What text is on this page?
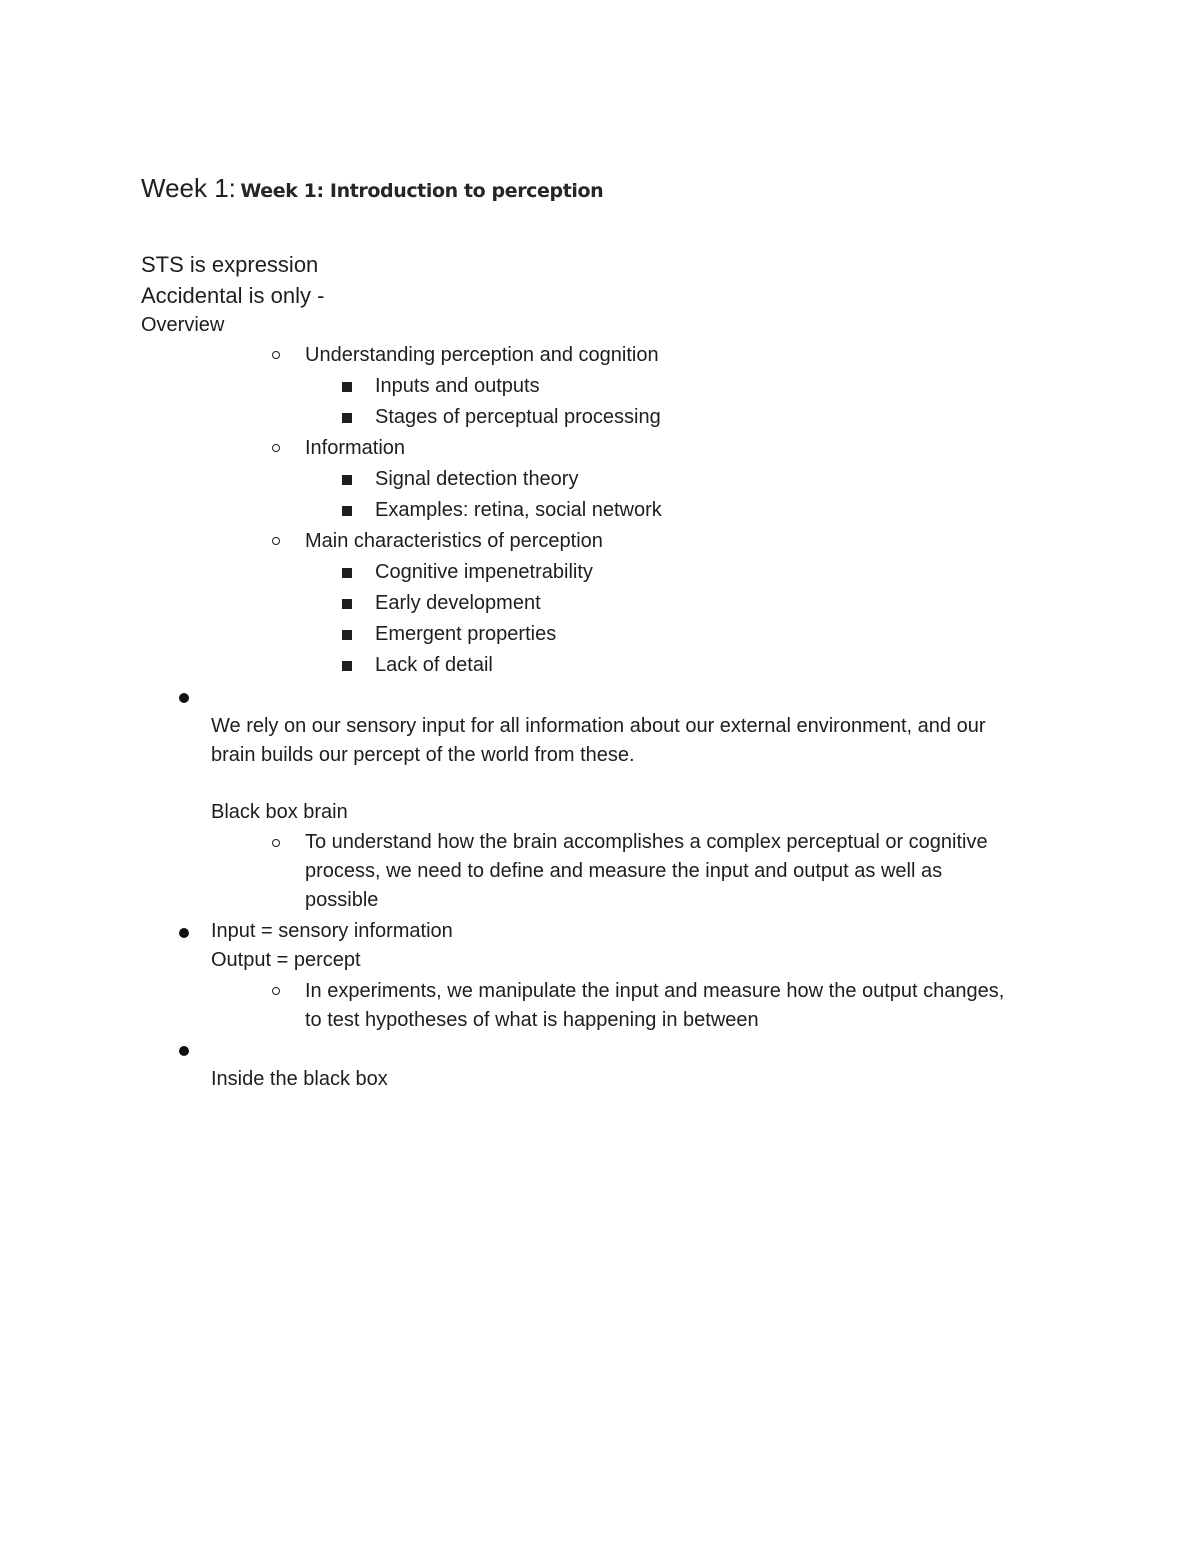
Week 1: Week 1: Introduction to perception
STS is expression
Accidental is only -
Overview
Understanding perception and cognition
Inputs and outputs
Stages of perceptual processing
Information
Signal detection theory
Examples: retina, social network
Main characteristics of perception
Cognitive impenetrability
Early development
Emergent properties
Lack of detail
We rely on our sensory input for all information about our external environment, and our
brain builds our percept of the world from these.
Black box brain
To understand how the brain accomplishes a complex perceptual or cognitive
process, we need to define and measure the input and output as well as
possible
Input = sensory information
Output = percept
In experiments, we manipulate the input and measure how the output changes,
to test hypotheses of what is happening in between
Inside the black box
